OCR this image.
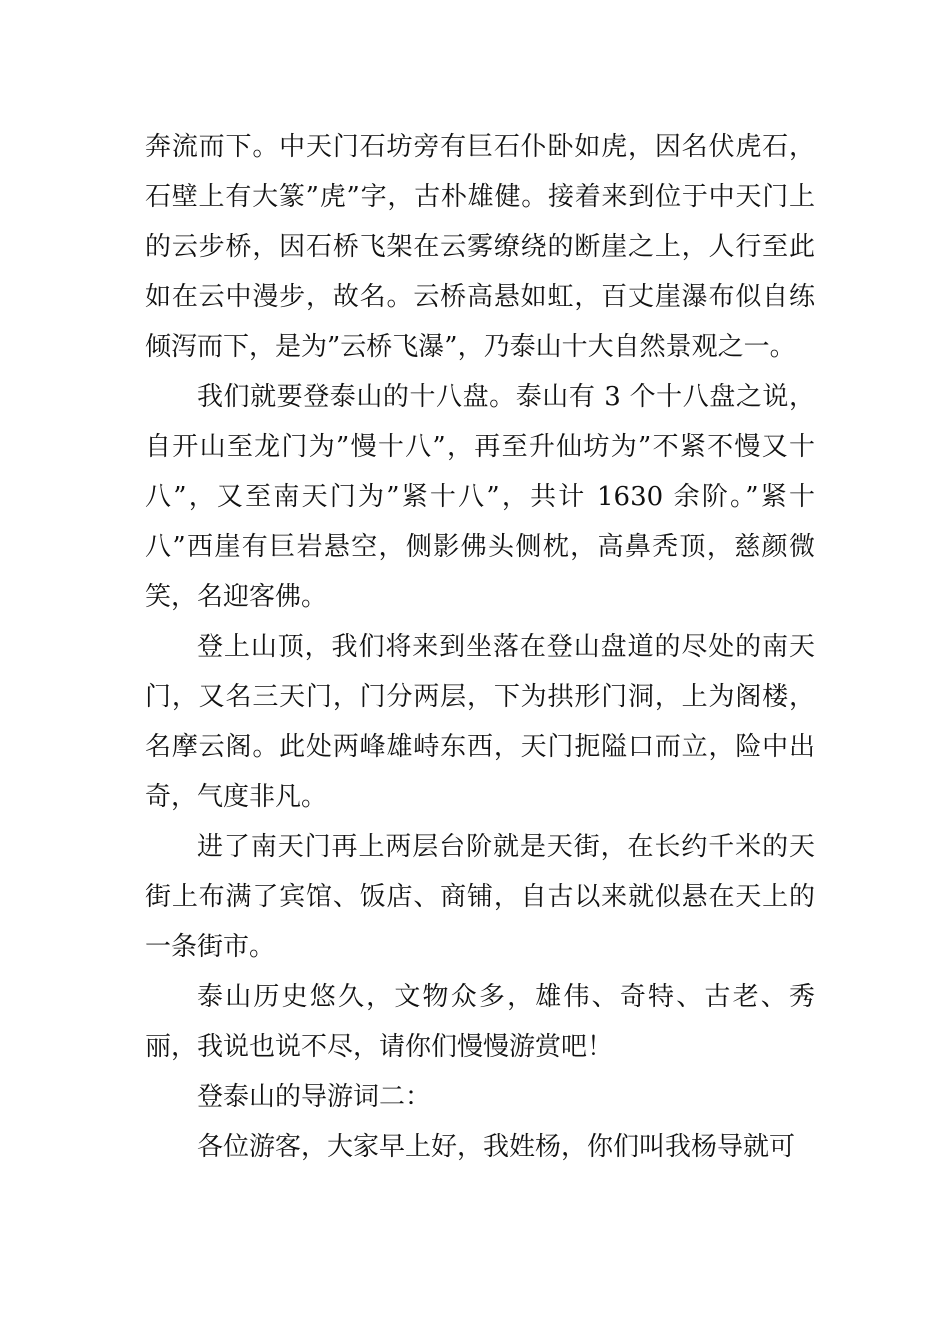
奔流而下。中天门石坊旁有巨石仆卧如虎，因名伏虎石，石壁上有大篆”虎”字，古朴雄健。接着来到位于中天门上的云步桥，因石桥飞架在云雾缭绕的断崖之上，人行至此如在云中漫步，故名。云桥高悬如虹，百丈崖瀑布似自练倾泻而下，是为”云桥飞瀑”，乃泰山十大自然景观之一。

我们就要登泰山的十八盘。泰山有 3 个十八盘之说，自开山至龙门为”慢十八”，再至升仙坊为”不紧不慢又十八”，又至南天门为”紧十八”，共计 1630 余阶。”紧十八”西崖有巨岩悬空，侧影佛头侧枕，高鼻秃顶，慈颜微笑，名迎客佛。

登上山顶，我们将来到坐落在登山盘道的尽处的南天门，又名三天门，门分两层，下为拱形门洞，上为阁楼，名摩云阁。此处两峰雄峙东西，天门扼隘口而立，险中出奇，气度非凡。

进了南天门再上两层台阶就是天街，在长约千米的天街上布满了宾馆、饭店、商铺，自古以来就似悬在天上的一条街市。

泰山历史悠久，文物众多，雄伟、奇特、古老、秀丽，我说也说不尽，请你们慢慢游赏吧！

登泰山的导游词二：

各位游客，大家早上好，我姓杨，你们叫我杨导就可
